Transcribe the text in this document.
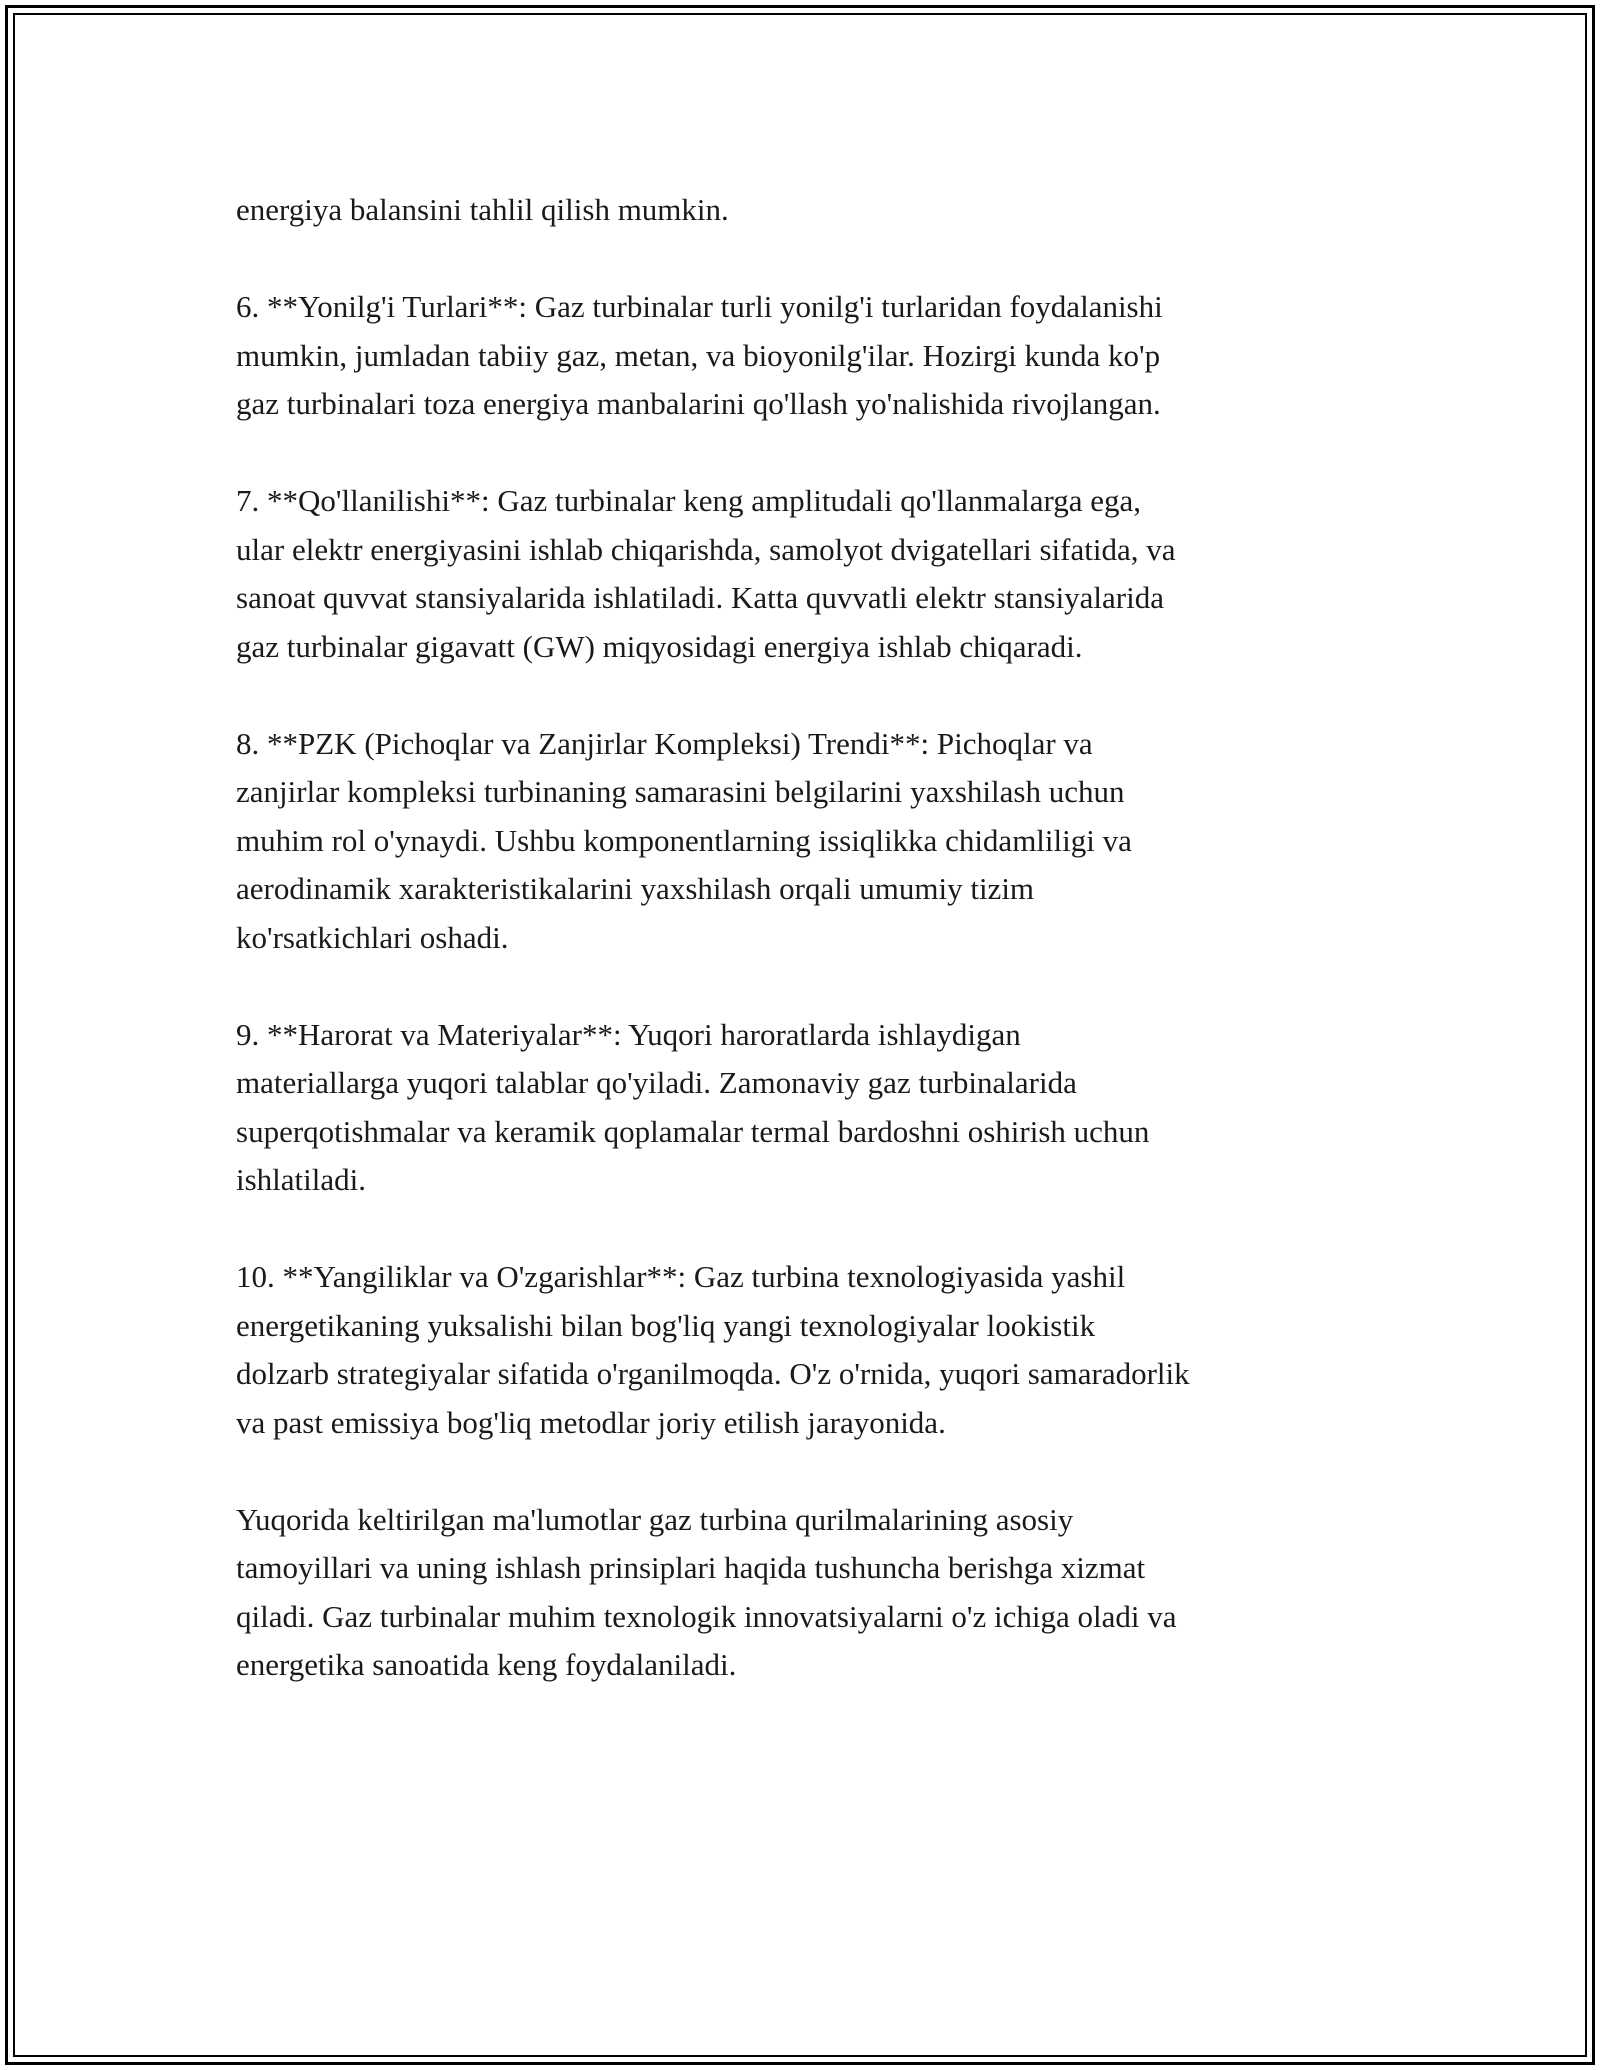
energiya balansini tahlil qilish mumkin.

6. **Yonilg'i Turlari**: Gaz turbinalar turli yonilg'i turlaridan foydalanishi
mumkin, jumladan tabiiy gaz, metan, va bioyonilg'ilar. Hozirgi kunda ko'p
gaz turbinalari toza energiya manbalarini qo'llash yo'nalishida rivojlangan.

7. **Qo'llanilishi**: Gaz turbinalar keng amplitudali qo'llanmalarga ega,
ular elektr energiyasini ishlab chiqarishda, samolyot dvigatellari sifatida, va
sanoat quvvat stansiyalarida ishlatiladi. Katta quvvatli elektr stansiyalarida
gaz turbinalar gigavatt (GW) miqyosidagi energiya ishlab chiqaradi.

8. **PZK (Pichoqlar va Zanjirlar Kompleksi) Trendi**: Pichoqlar va
zanjirlar kompleksi turbinaning samarasini belgilarini yaxshilash uchun
muhim rol o'ynaydi. Ushbu komponentlarning issiqlikka chidamliligi va
aerodinamik xarakteristikalarini yaxshilash orqali umumiy tizim
ko'rsatkichlari oshadi.

9. **Harorat va Materiyalar**: Yuqori haroratlarda ishlaydigan
materiallarga yuqori talablar qo'yiladi. Zamonaviy gaz turbinalarida
superqotishmalar va keramik qoplamalar termal bardoshni oshirish uchun
ishlatiladi.

10. **Yangiliklar va O'zgarishlar**: Gaz turbina texnologiyasida yashil
energetikaning yuksalishi bilan bog'liq yangi texnologiyalar lookistik
dolzarb strategiyalar sifatida o'rganilmoqda. O'z o'rnida, yuqori samaradorlik
va past emissiya bog'liq metodlar joriy etilish jarayonida.

Yuqorida keltirilgan ma'lumotlar gaz turbina qurilmalarining asosiy
tamoyillari va uning ishlash prinsiplari haqida tushuncha berishga xizmat
qiladi. Gaz turbinalar muhim texnologik innovatsiyalarni o'z ichiga oladi va
energetika sanoatida keng foydalaniladi.
